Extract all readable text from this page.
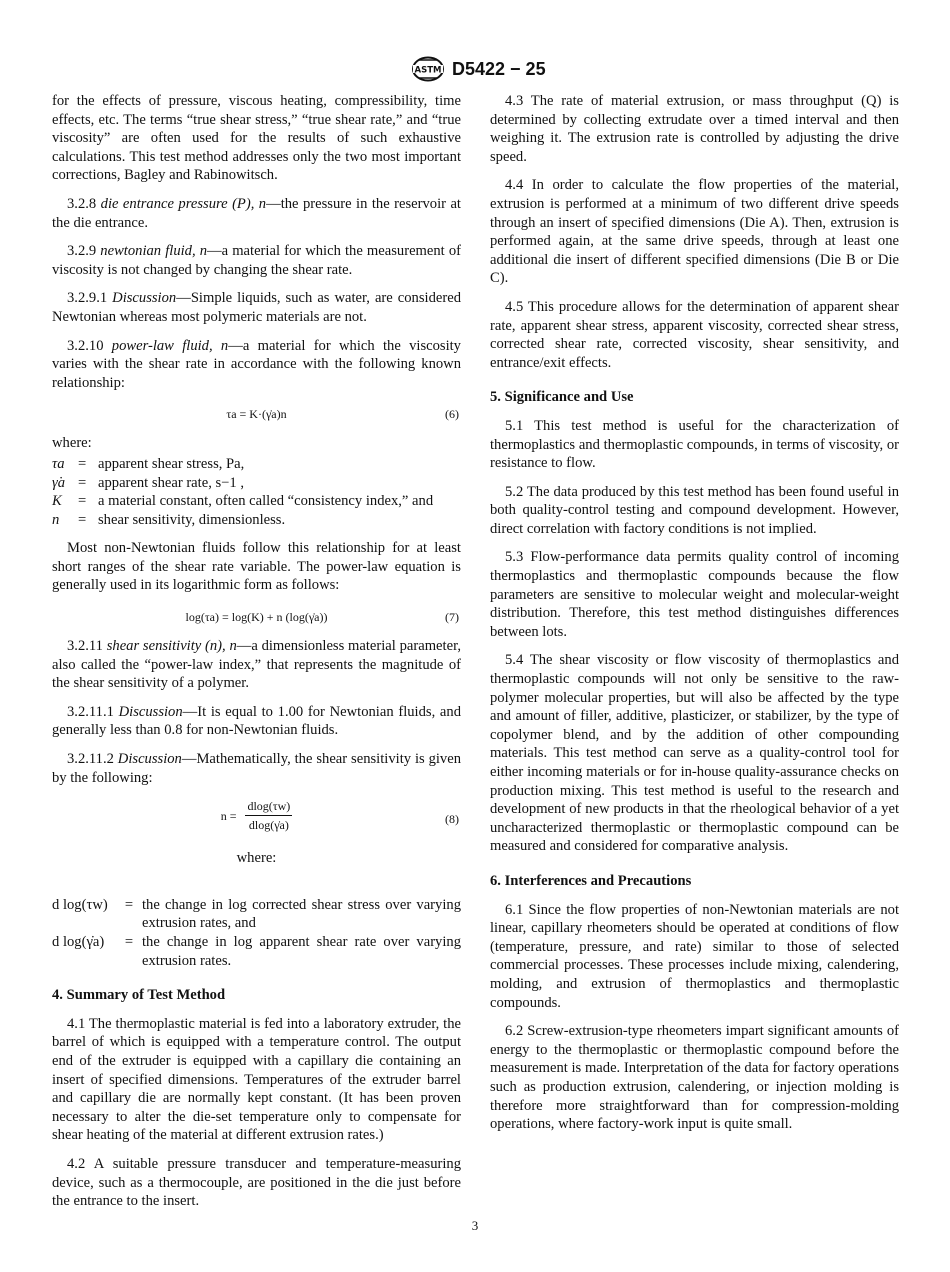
ASTM D5422 − 25

for the effects of pressure, viscous heating, compressibility, time effects, etc. The terms “true shear stress,” “true shear rate,” and “true viscosity” are often used for the results of such exhaustive calculations. This test method addresses only the two most important corrections, Bagley and Rabinowitsch.

3.2.8 die entrance pressure (P), n—the pressure in the reservoir at the die entrance.

3.2.9 newtonian fluid, n—a material for which the measurement of viscosity is not changed by changing the shear rate.

3.2.9.1 Discussion—Simple liquids, such as water, are considered Newtonian whereas most polymeric materials are not.

3.2.10 power-law fluid, n—a material for which the viscosity varies with the shear rate in accordance with the following known relationship:

τa = K·(γ̇a)n	(6)

where:

τa = apparent shear stress, Pa,
γ̇a = apparent shear rate, s−1 ,
K	= a material constant, often called “consistency index,” and
n	= shear sensitivity, dimensionless.

Most non-Newtonian fluids follow this relationship for at least short ranges of the shear rate variable. The power-law equation is generally used in its logarithmic form as follows:

log(τa) = log(K) + n (log(γ̇a))	(7)

3.2.11 shear sensitivity (n), n—a dimensionless material parameter, also called the “power-law index,” that represents the magnitude of the shear sensitivity of a polymer.

3.2.11.1 Discussion—It is equal to 1.00 for Newtonian fluids, and generally less than 0.8 for non-Newtonian fluids.

3.2.11.2 Discussion—Mathematically, the shear sensitivity is given by the following:

$n = \frac{dlog(\tau w)}{dlog(\gammȧa)}$	(8)
where:
d log(τw)	= the change in log corrected shear stress over varying extrusion rates, and
d log(γ̇a)	= the change in log apparent shear rate over varying extrusion rates.
4. Summary of Test Method

4.1 The thermoplastic material is fed into a laboratory extruder, the barrel of which is equipped with a temperature control. The output end of the extruder is equipped with a capillary die containing an insert of specified dimensions. Temperatures of the extruder barrel and capillary die are normally kept constant. (It has been proven necessary to alter the die-set temperature only to compensate for shear heating of the material at different extrusion rates.)

4.2 A suitable pressure transducer and temperature-measuring device, such as a thermocouple, are positioned in the die just before the entrance to the insert.

4.3 The rate of material extrusion, or mass throughput (Q) is determined by collecting extrudate over a timed interval and then weighing it. The extrusion rate is controlled by adjusting the drive speed.

4.4 In order to calculate the flow properties of the material, extrusion is performed at a minimum of two different drive speeds through an insert of specified dimensions (Die A). Then, extrusion is performed again, at the same drive speeds, through at least one additional die insert of different specified dimensions (Die B or Die C).

4.5 This procedure allows for the determination of apparent shear rate, apparent shear stress, apparent viscosity, corrected shear stress, corrected shear rate, corrected viscosity, shear sensitivity, and entrance/exit effects.

5. Significance and Use

5.1 This test method is useful for the characterization of thermoplastics and thermoplastic compounds, in terms of viscosity, or resistance to flow.

5.2 The data produced by this test method has been found useful in both quality-control testing and compound development. However, direct correlation with factory conditions is not implied.

5.3 Flow-performance data permits quality control of incoming thermoplastics and thermoplastic compounds because the flow parameters are sensitive to molecular weight and molecular-weight distribution. Therefore, this test method distinguishes differences between lots.

5.4 The shear viscosity or flow viscosity of thermoplastics and thermoplastic compounds will not only be sensitive to the raw-polymer molecular properties, but will also be affected by the type and amount of filler, additive, plasticizer, or stabilizer, by the type of copolymer blend, and by the addition of other compounding materials. This test method can serve as a quality-control tool for either incoming materials or for in-house quality-assurance checks on production mixing. This test method is useful to the research and development of new products in that the rheological behavior of a yet uncharacterized thermoplastic or thermoplastic compound can be measured and considered for comparative analysis.

6. Interferences and Precautions

6.1 Since the flow properties of non-Newtonian materials are not linear, capillary rheometers should be operated at conditions of flow (temperature, pressure, and rate) similar to those of selected commercial processes. These processes include mixing, calendering, molding, and extrusion of thermoplastics and thermoplastic compounds.

6.2 Screw-extrusion-type rheometers impart significant amounts of energy to the thermoplastic or thermoplastic compound before the measurement is made. Interpretation of the data for factory operations such as production extrusion, calendering, or injection molding is therefore more straightforward than for compression-molding operations, where factory-work input is quite small.

3
